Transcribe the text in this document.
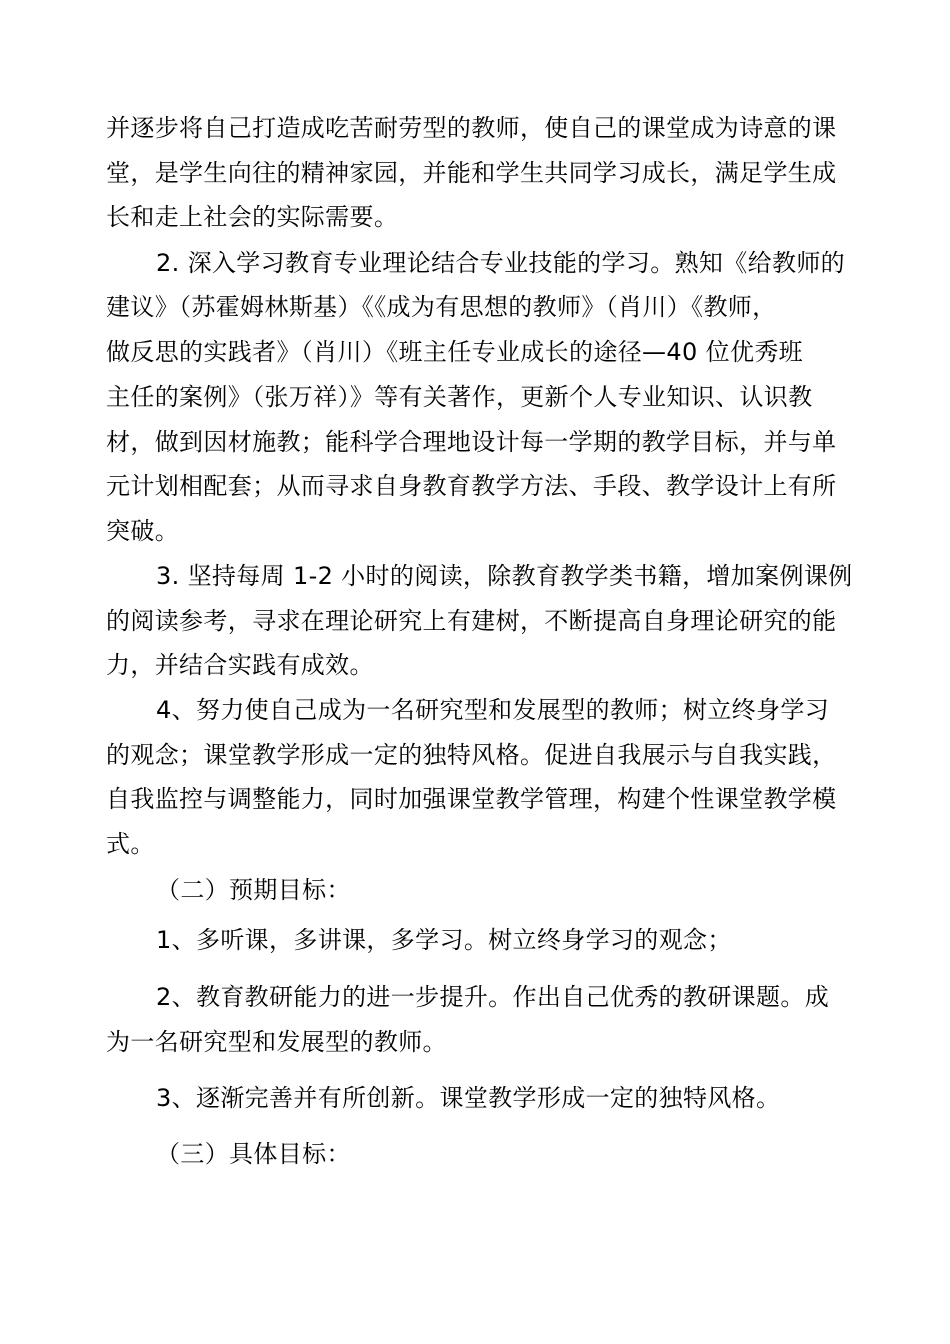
并逐步将自己打造成吃苦耐劳型的教师，使自己的课堂成为诗意的课
堂，是学生向往的精神家园，并能和学生共同学习成长，满足学生成
长和走上社会的实际需要。
2. 深入学习教育专业理论结合专业技能的学习。熟知《给教师的
建议》（苏霍姆林斯基）《《成为有思想的教师》（肖川）《教师，
做反思的实践者》（肖川）《班主任专业成长的途径—40 位优秀班
主任的案例》（张万祥）》等有关著作，更新个人专业知识、认识教
材，做到因材施教；能科学合理地设计每一学期的教学目标，并与单
元计划相配套；从而寻求自身教育教学方法、手段、教学设计上有所
突破。
3. 坚持每周 1-2 小时的阅读，除教育教学类书籍，增加案例课例
的阅读参考，寻求在理论研究上有建树，不断提高自身理论研究的能
力，并结合实践有成效。
4、努力使自己成为一名研究型和发展型的教师；树立终身学习
的观念；课堂教学形成一定的独特风格。促进自我展示与自我实践，
自我监控与调整能力，同时加强课堂教学管理，构建个性课堂教学模
式。
（二）预期目标：
1、多听课，多讲课，多学习。树立终身学习的观念；
2、教育教研能力的进一步提升。作出自己优秀的教研课题。成
为一名研究型和发展型的教师。
3、逐渐完善并有所创新。课堂教学形成一定的独特风格。
（三）具体目标：
